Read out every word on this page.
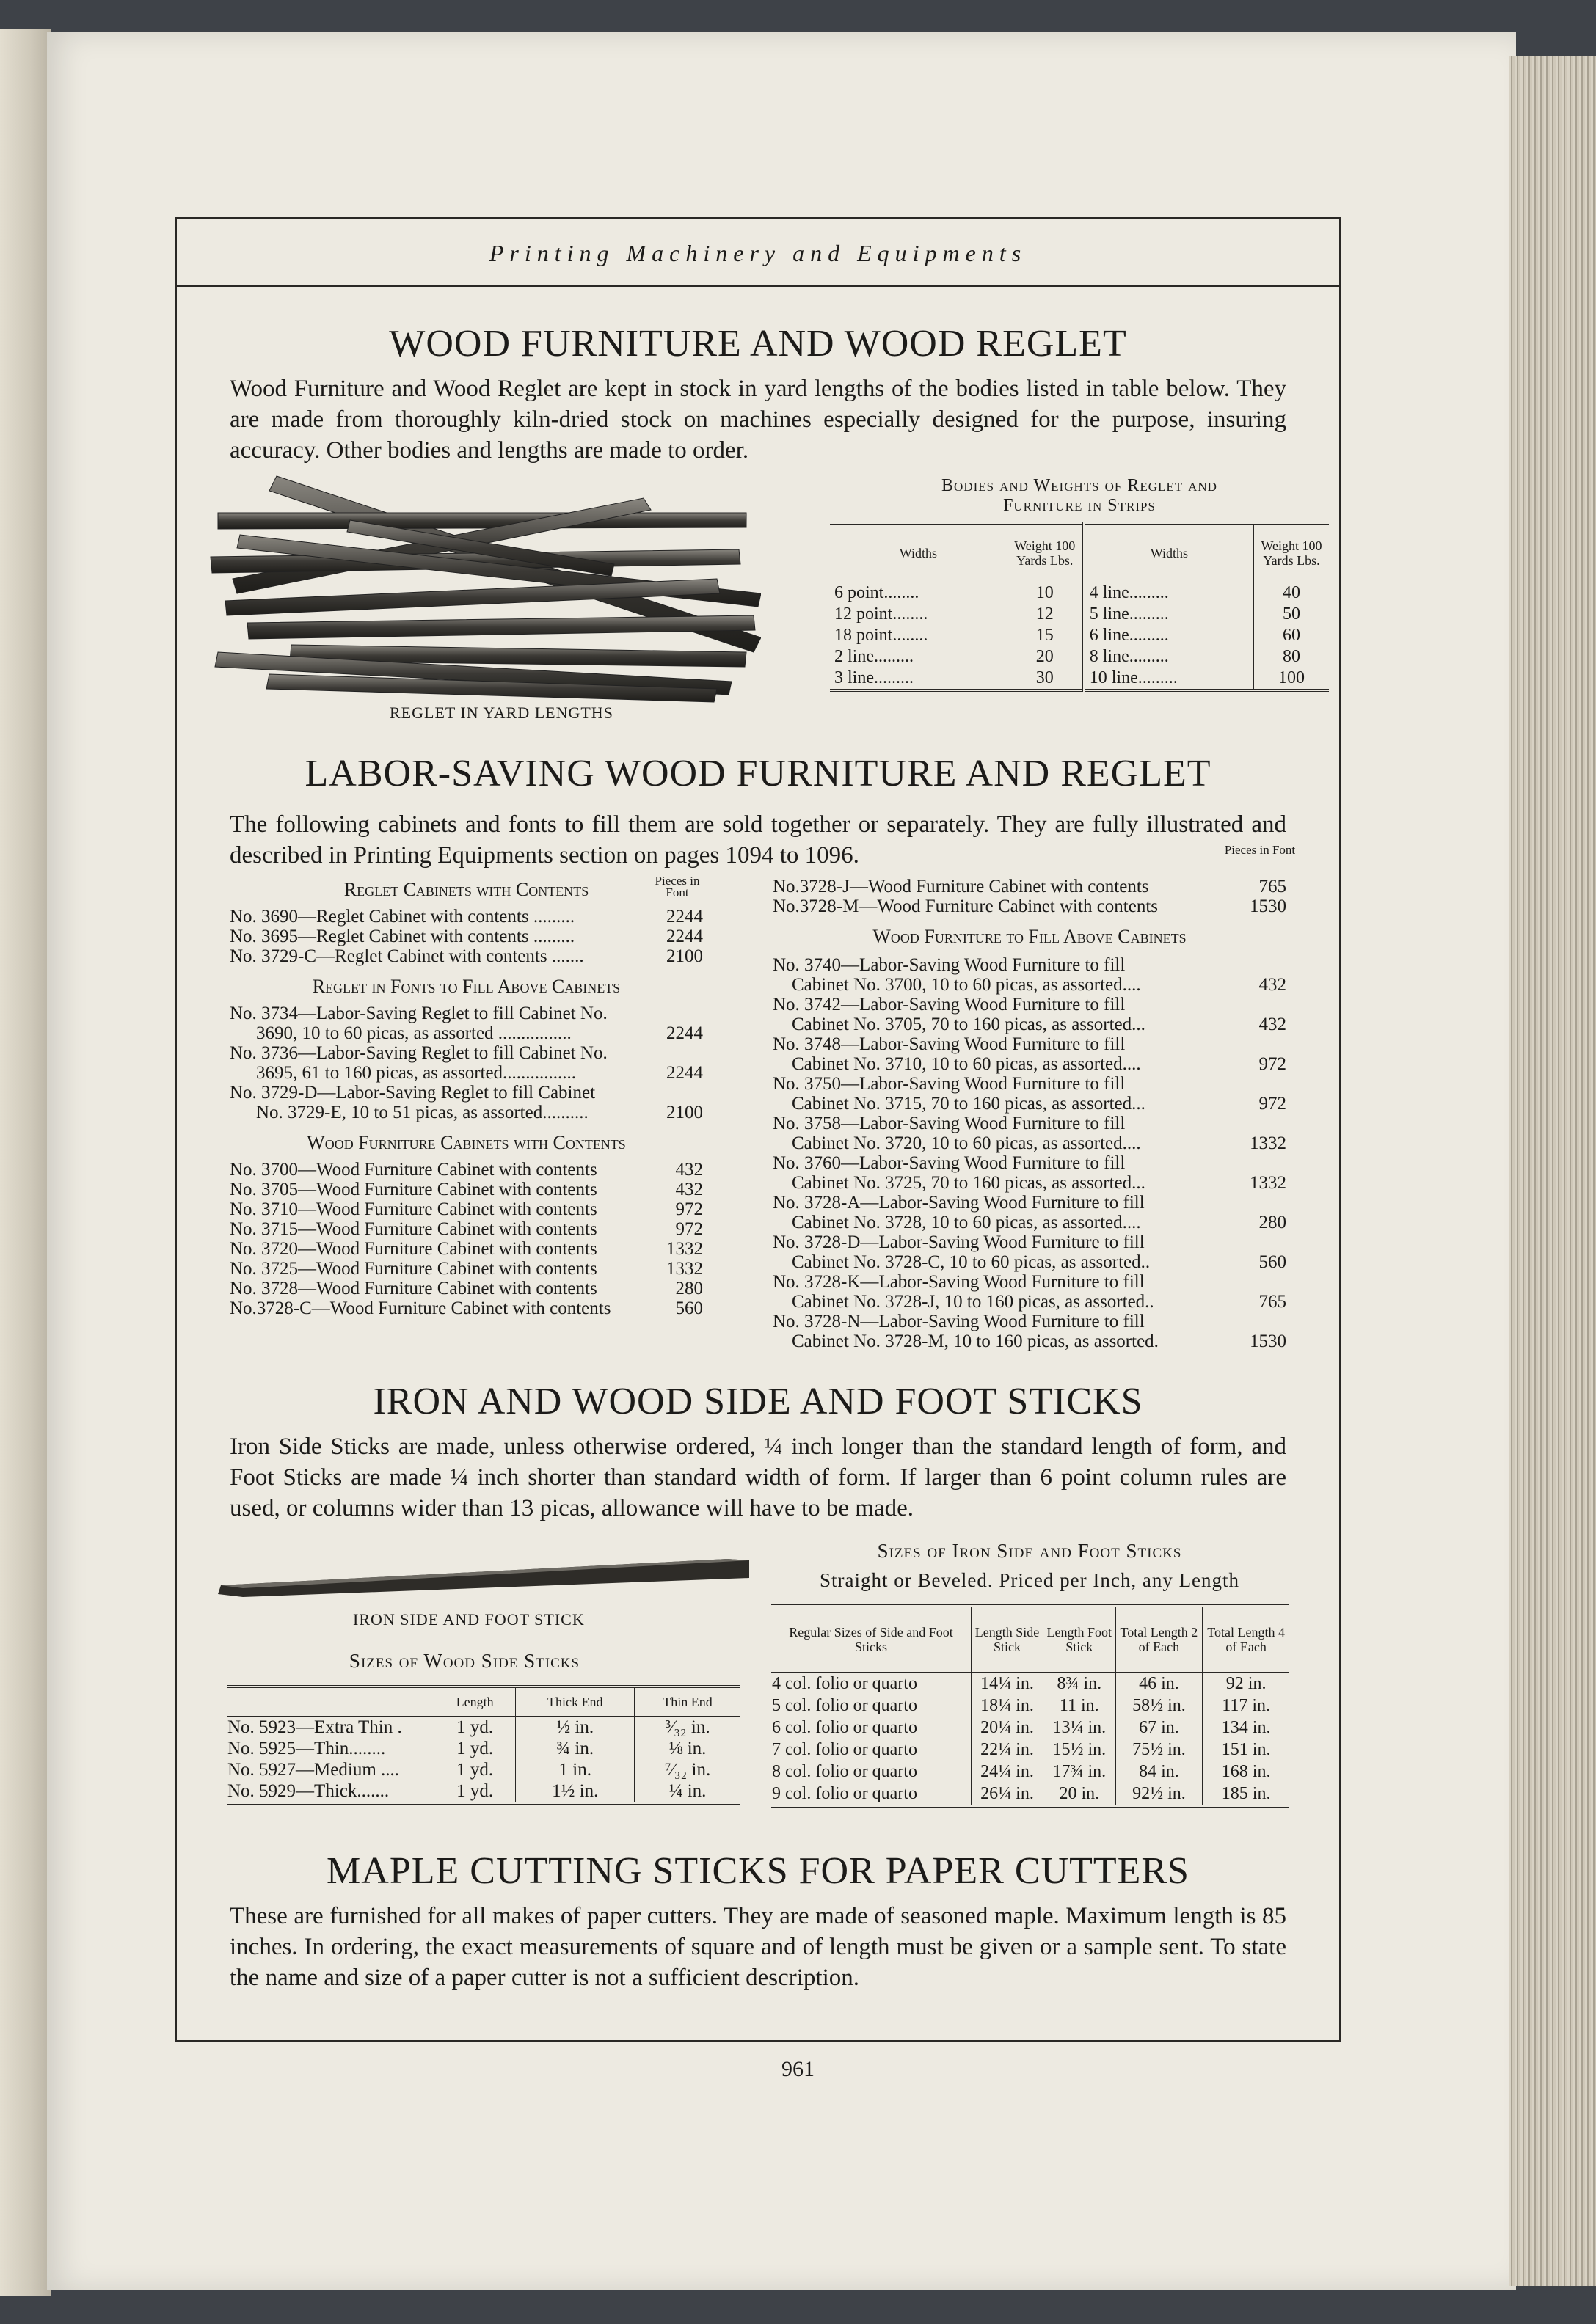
Printing Machinery and Equipments
WOOD FURNITURE AND WOOD REGLET
Wood Furniture and Wood Reglet are kept in stock in yard lengths of the bodies listed in table below. They are made from thoroughly kiln-dried stock on machines especially designed for the purpose, insuring accuracy. Other bodies and lengths are made to order.
REGLET IN YARD LENGTHS
Bodies and Weights of Reglet and
Furniture in Strips
Widths	Weight 100 Yards Lbs.	Widths	Weight 100 Yards Lbs.
6 point........	10	4 line.........	40
12 point........	12	5 line.........	50
18 point........	15	6 line.........	60
2 line.........	20	8 line.........	80
3 line.........	30	10 line.........	100
LABOR-SAVING WOOD FURNITURE AND REGLET
The following cabinets and fonts to fill them are sold together or separately. They are fully illustrated and described in Printing Equipments section on pages 1094 to 1096.	Pieces in Font
Reglet Cabinets with Contents	Pieces in Font
No. 3690—Reglet Cabinet with contents .........	2244
No. 3695—Reglet Cabinet with contents .........	2244
No. 3729-C—Reglet Cabinet with contents .......	2100
Reglet in Fonts to Fill Above Cabinets
No. 3734—Labor-Saving Reglet to fill Cabinet No.
3690, 10 to 60 picas, as assorted ................	2244
No. 3736—Labor-Saving Reglet to fill Cabinet No.
3695, 61 to 160 picas, as assorted................	2244
No. 3729-D—Labor-Saving Reglet to fill Cabinet
No. 3729-E, 10 to 51 picas, as assorted..........	2100
Wood Furniture Cabinets with Contents
No. 3700—Wood Furniture Cabinet with contents	432
No. 3705—Wood Furniture Cabinet with contents	432
No. 3710—Wood Furniture Cabinet with contents	972
No. 3715—Wood Furniture Cabinet with contents	972
No. 3720—Wood Furniture Cabinet with contents	1332
No. 3725—Wood Furniture Cabinet with contents	1332
No. 3728—Wood Furniture Cabinet with contents	280
No.3728-C—Wood Furniture Cabinet with contents	560
No.3728-J—Wood Furniture Cabinet with contents	765
No.3728-M—Wood Furniture Cabinet with contents	1530
Wood Furniture to Fill Above Cabinets
No. 3740—Labor-Saving Wood Furniture to fill
Cabinet No. 3700, 10 to 60 picas, as assorted....	432
No. 3742—Labor-Saving Wood Furniture to fill
Cabinet No. 3705, 70 to 160 picas, as assorted...	432
No. 3748—Labor-Saving Wood Furniture to fill
Cabinet No. 3710, 10 to 60 picas, as assorted....	972
No. 3750—Labor-Saving Wood Furniture to fill
Cabinet No. 3715, 70 to 160 picas, as assorted...	972
No. 3758—Labor-Saving Wood Furniture to fill
Cabinet No. 3720, 10 to 60 picas, as assorted....	1332
No. 3760—Labor-Saving Wood Furniture to fill
Cabinet No. 3725, 70 to 160 picas, as assorted...	1332
No. 3728-A—Labor-Saving Wood Furniture to fill
Cabinet No. 3728, 10 to 60 picas, as assorted....	280
No. 3728-D—Labor-Saving Wood Furniture to fill
Cabinet No. 3728-C, 10 to 60 picas, as assorted..	560
No. 3728-K—Labor-Saving Wood Furniture to fill
Cabinet No. 3728-J, 10 to 160 picas, as assorted..	765
No. 3728-N—Labor-Saving Wood Furniture to fill
Cabinet No. 3728-M, 10 to 160 picas, as assorted.	1530
IRON AND WOOD SIDE AND FOOT STICKS
Iron Side Sticks are made, unless otherwise ordered, ¼ inch longer than the standard length of form, and Foot Sticks are made ¼ inch shorter than standard width of form. If larger than 6 point column rules are used, or columns wider than 13 picas, allowance will have to be made.
IRON SIDE AND FOOT STICK
Sizes of Wood Side Sticks
	Length	Thick End	Thin End
No. 5923—Extra Thin .	1 yd.	½ in.	³⁄₃₂ in.
No. 5925—Thin........	1 yd.	¾ in.	⅛ in.
No. 5927—Medium ....	1 yd.	1 in.	⁷⁄₃₂ in.
No. 5929—Thick.......	1 yd.	1½ in.	¼ in.
Sizes of Iron Side and Foot Sticks
Straight or Beveled. Priced per Inch, any Length
Regular Sizes of Side and Foot Sticks	Length Side Stick	Length Foot Stick	Total Length 2 of Each	Total Length 4 of Each
4 col. folio or quarto	14¼ in.	8¾ in.	46 in.	92 in.
5 col. folio or quarto	18¼ in.	11 in.	58½ in.	117 in.
6 col. folio or quarto	20¼ in.	13¼ in.	67 in.	134 in.
7 col. folio or quarto	22¼ in.	15½ in.	75½ in.	151 in.
8 col. folio or quarto	24¼ in.	17¾ in.	84 in.	168 in.
9 col. folio or quarto	26¼ in.	20 in.	92½ in.	185 in.
MAPLE CUTTING STICKS FOR PAPER CUTTERS
These are furnished for all makes of paper cutters. They are made of seasoned maple. Maximum length is 85 inches. In ordering, the exact measurements of square and of length must be given or a sample sent. To state the name and size of a paper cutter is not a sufficient description.
961
